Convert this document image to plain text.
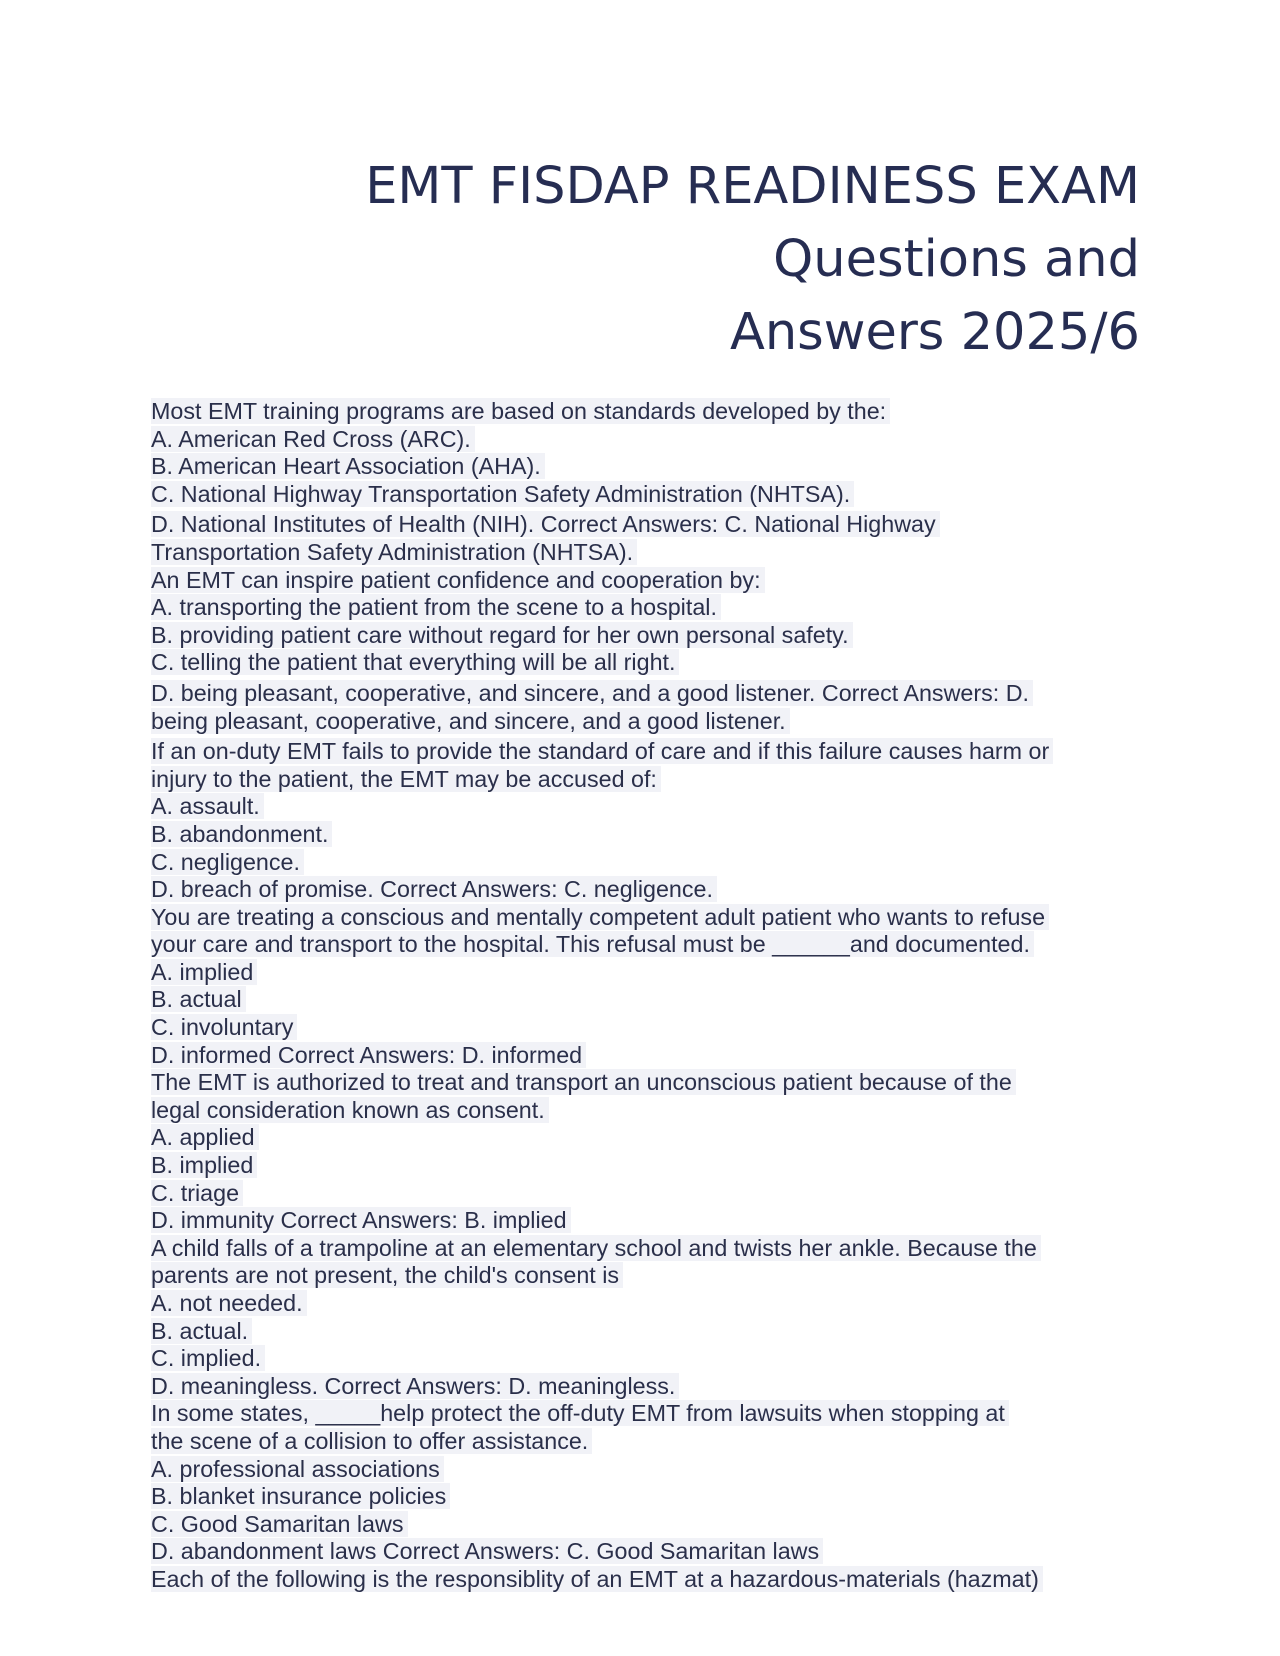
EMT FISDAP READINESS EXAM
Questions and
Answers 2025/6
Most EMT training programs are based on standards developed by the:
A. American Red Cross (ARC).
B. American Heart Association (AHA).
C. National Highway Transportation Safety Administration (NHTSA).
D. National Institutes of Health (NIH). Correct Answers: C. National Highway
Transportation Safety Administration (NHTSA).
An EMT can inspire patient confidence and cooperation by:
A. transporting the patient from the scene to a hospital.
B. providing patient care without regard for her own personal safety.
C. telling the patient that everything will be all right.
D. being pleasant, cooperative, and sincere, and a good listener. Correct Answers: D.
being pleasant, cooperative, and sincere, and a good listener.
If an on-duty EMT fails to provide the standard of care and if this failure causes harm or
injury to the patient, the EMT may be accused of:
A. assault.
B. abandonment.
C. negligence.
D. breach of promise. Correct Answers: C. negligence.
You are treating a conscious and mentally competent adult patient who wants to refuse
your care and transport to the hospital. This refusal must be ______and documented.
A. implied
B. actual
C. involuntary
D. informed Correct Answers: D. informed
The EMT is authorized to treat and transport an unconscious patient because of the
legal consideration known as consent.
A. applied
B. implied
C. triage
D. immunity Correct Answers: B. implied
A child falls of a trampoline at an elementary school and twists her ankle. Because the
parents are not present, the child's consent is
A. not needed.
B. actual.
C. implied.
D. meaningless. Correct Answers: D. meaningless.
In some states, _____help protect the off-duty EMT from lawsuits when stopping at
the scene of a collision to offer assistance.
A. professional associations
B. blanket insurance policies
C. Good Samaritan laws
D. abandonment laws Correct Answers: C. Good Samaritan laws
Each of the following is the responsiblity of an EMT at a hazardous-materials (hazmat)
